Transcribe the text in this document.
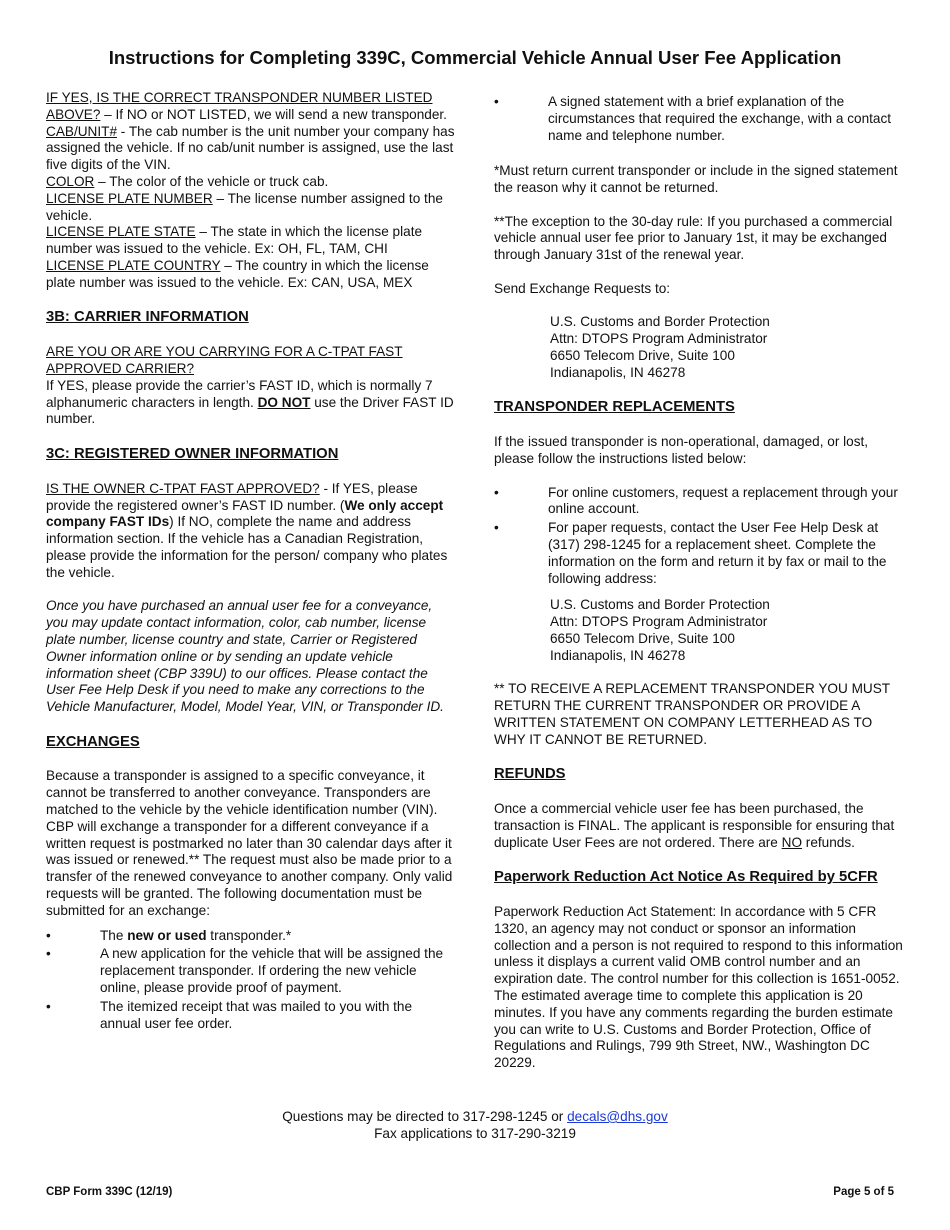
Instructions for Completing 339C, Commercial Vehicle Annual User Fee Application

IF YES, IS THE CORRECT TRANSPONDER NUMBER LISTED ABOVE? – If NO or NOT LISTED, we will send a new transponder.

CAB/UNIT# - The cab number is the unit number your company has assigned the vehicle. If no cab/unit number is assigned, use the last five digits of the VIN.

COLOR – The color of the vehicle or truck cab.

LICENSE PLATE NUMBER – The license number assigned to the vehicle.

LICENSE PLATE STATE – The state in which the license plate number was issued to the vehicle. Ex: OH, FL, TAM, CHI

LICENSE PLATE COUNTRY – The country in which the license plate number was issued to the vehicle. Ex: CAN, USA, MEX

3B: CARRIER INFORMATION

ARE YOU OR ARE YOU CARRYING FOR A C-TPAT FAST APPROVED CARRIER?

If YES, please provide the carrier’s FAST ID, which is normally 7 alphanumeric characters in length. DO NOT use the Driver FAST ID number.

3C: REGISTERED OWNER INFORMATION

IS THE OWNER C-TPAT FAST APPROVED? - If YES, please provide the registered owner’s FAST ID number. (We only accept company FAST IDs) If NO, complete the name and address information section. If the vehicle has a Canadian Registration, please provide the information for the person/ company who plates the vehicle.

Once you have purchased an annual user fee for a conveyance, you may update contact information, color, cab number, license plate number, license country and state, Carrier or Registered Owner information online or by sending an update vehicle information sheet (CBP 339U) to our offices. Please contact the User Fee Help Desk if you need to make any corrections to the Vehicle Manufacturer, Model, Model Year, VIN, or Transponder ID.

EXCHANGES

Because a transponder is assigned to a specific conveyance, it cannot be transferred to another conveyance. Transponders are matched to the vehicle by the vehicle identification number (VIN). CBP will exchange a transponder for a different conveyance if a written request is postmarked no later than 30 calendar days after it was issued or renewed.** The request must also be made prior to a transfer of the renewed conveyance to another company. Only valid requests will be granted. The following documentation must be submitted for an exchange:

•	The new or used transponder.*
•	A new application for the vehicle that will be assigned the replacement transponder. If ordering the new vehicle online, please provide proof of payment.
•	The itemized receipt that was mailed to you with the annual user fee order.
•	A signed statement with a brief explanation of the circumstances that required the exchange, with a contact name and telephone number.

*Must return current transponder or include in the signed statement the reason why it cannot be returned.

**The exception to the 30-day rule: If you purchased a commercial vehicle annual user fee prior to January 1st, it may be exchanged through January 31st of the renewal year.

Send Exchange Requests to:

U.S. Customs and Border Protection

Attn: DTOPS Program Administrator

6650 Telecom Drive, Suite 100

Indianapolis, IN 46278

TRANSPONDER REPLACEMENTS

If the issued transponder is non-operational, damaged, or lost, please follow the instructions listed below:

•	For online customers, request a replacement through your online account.
•	For paper requests, contact the User Fee Help Desk at (317) 298-1245 for a replacement sheet. Complete the information on the form and return it by fax or mail to the following address:

U.S. Customs and Border Protection

Attn: DTOPS Program Administrator

6650 Telecom Drive, Suite 100

Indianapolis, IN 46278

** TO RECEIVE A REPLACEMENT TRANSPONDER YOU MUST RETURN THE CURRENT TRANSPONDER OR PROVIDE A WRITTEN STATEMENT ON COMPANY LETTERHEAD AS TO WHY IT CANNOT BE RETURNED.

REFUNDS

Once a commercial vehicle user fee has been purchased, the transaction is FINAL. The applicant is responsible for ensuring that duplicate User Fees are not ordered. There are NO refunds.

Paperwork Reduction Act Notice As Required by 5CFR

Paperwork Reduction Act Statement: In accordance with 5 CFR 1320, an agency may not conduct or sponsor an information collection and a person is not required to respond to this information unless it displays a current valid OMB control number and an expiration date. The control number for this collection is 1651-0052. The estimated average time to complete this application is 20 minutes. If you have any comments regarding the burden estimate you can write to U.S. Customs and Border Protection, Office of Regulations and Rulings, 799 9th Street, NW., Washington DC 20229.

Questions may be directed to 317-298-1245 or decals@dhs.gov

Fax applications to 317-290-3219

CBP Form 339C (12/19)	Page 5 of 5
